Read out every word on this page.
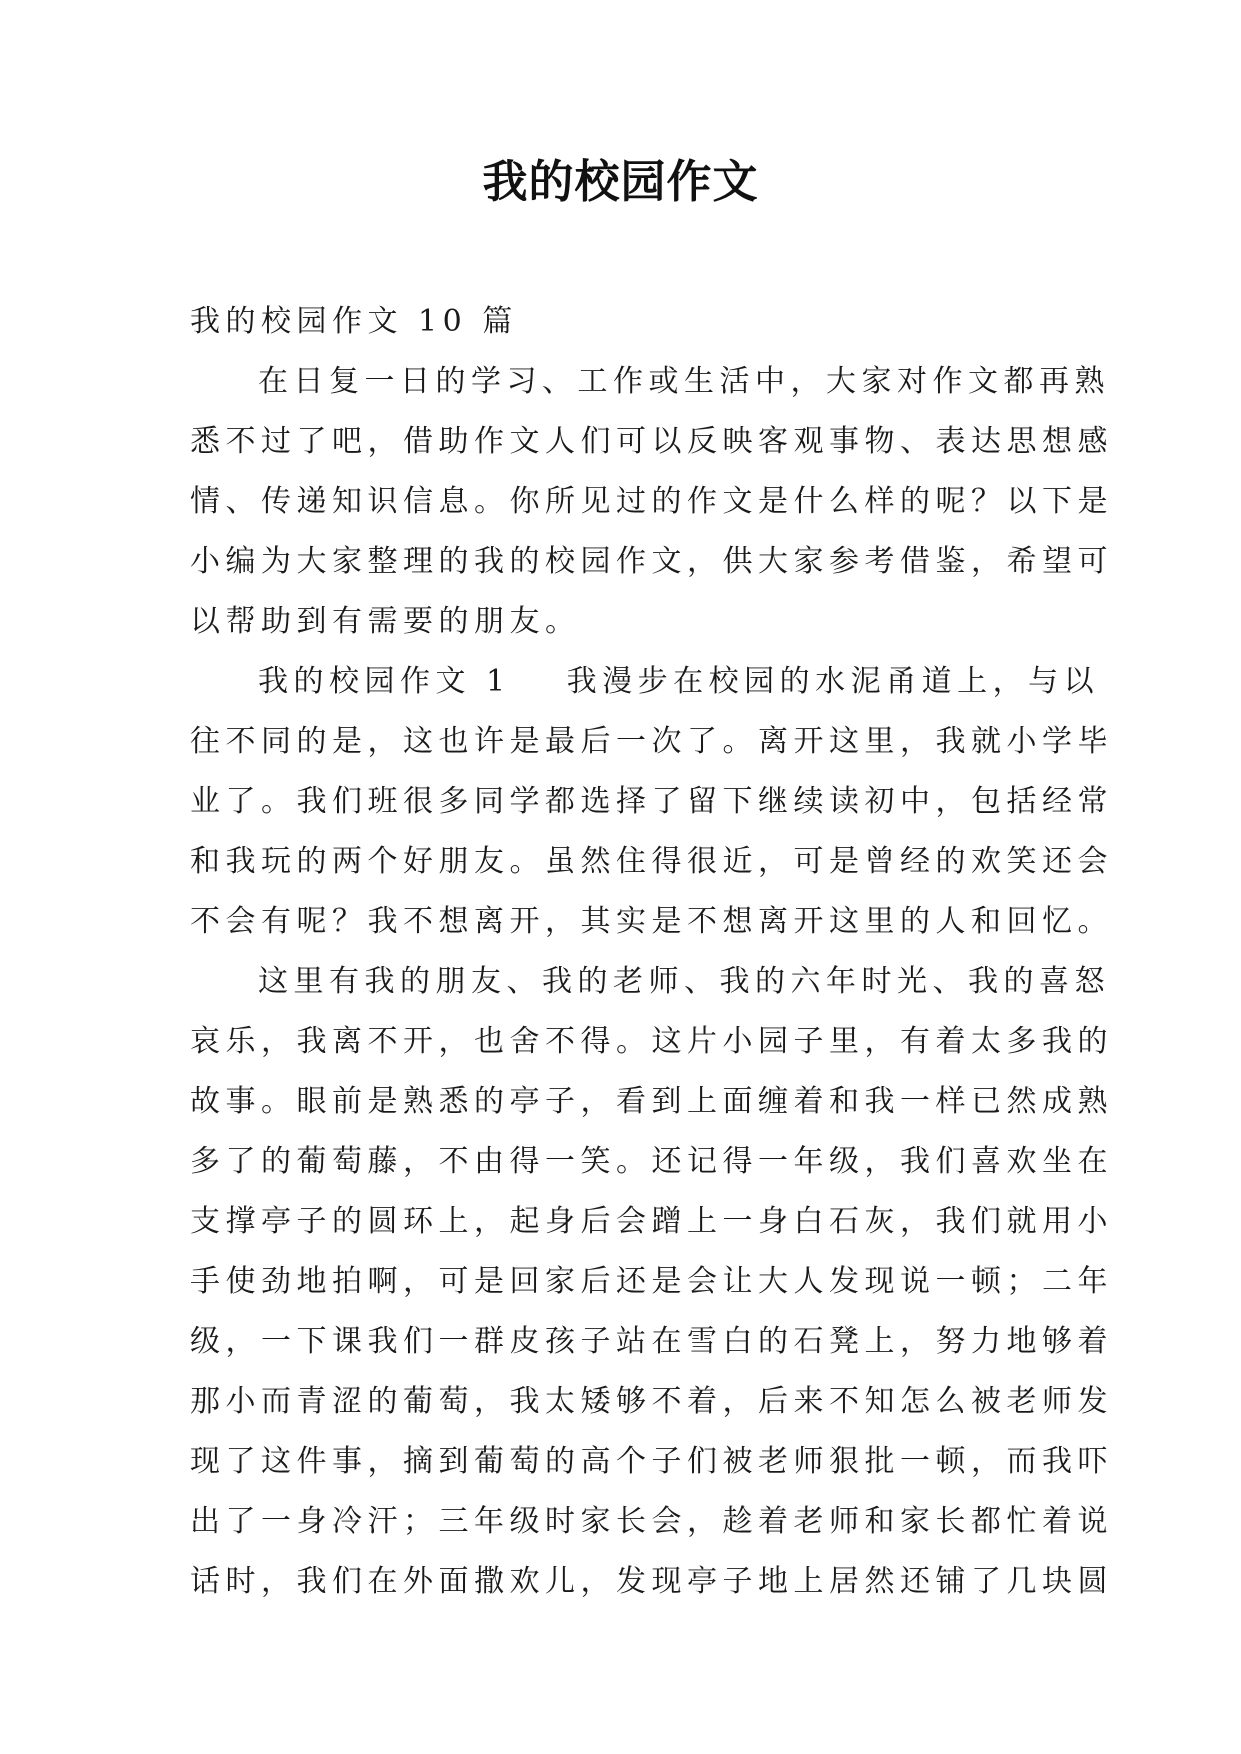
我的校园作文
我的校园作文 10 篇
在日复一日的学习、工作或生活中，大家对作文都再熟
悉不过了吧，借助作文人们可以反映客观事物、表达思想感
情、传递知识信息。你所见过的作文是什么样的呢？以下是
小编为大家整理的我的校园作文，供大家参考借鉴，希望可
以帮助到有需要的朋友。
我的校园作文 1 我漫步在校园的水泥甬道上，与以
往不同的是，这也许是最后一次了。离开这里，我就小学毕
业了。我们班很多同学都选择了留下继续读初中，包括经常
和我玩的两个好朋友。虽然住得很近，可是曾经的欢笑还会
不会有呢？我不想离开，其实是不想离开这里的人和回忆。
这里有我的朋友、我的老师、我的六年时光、我的喜怒
哀乐，我离不开，也舍不得。这片小园子里，有着太多我的
故事。眼前是熟悉的亭子，看到上面缠着和我一样已然成熟
多了的葡萄藤，不由得一笑。还记得一年级，我们喜欢坐在
支撑亭子的圆环上，起身后会蹭上一身白石灰，我们就用小
手使劲地拍啊，可是回家后还是会让大人发现说一顿；二年
级，一下课我们一群皮孩子站在雪白的石凳上，努力地够着
那小而青涩的葡萄，我太矮够不着，后来不知怎么被老师发
现了这件事，摘到葡萄的高个子们被老师狠批一顿，而我吓
出了一身冷汗；三年级时家长会，趁着老师和家长都忙着说
话时，我们在外面撒欢儿，发现亭子地上居然还铺了几块圆
